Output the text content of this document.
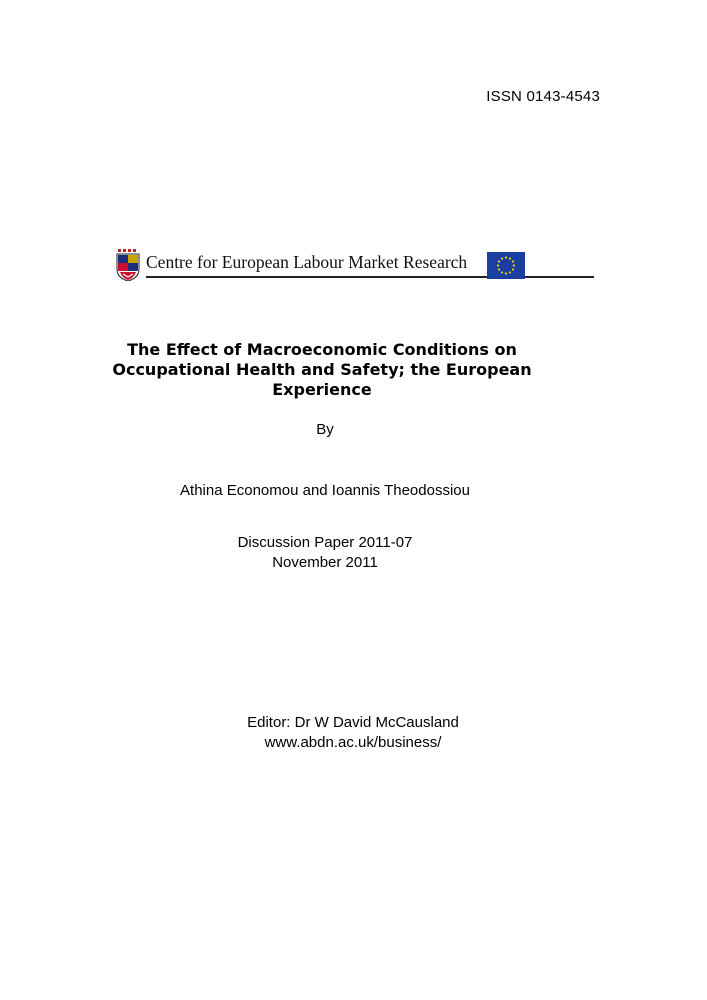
ISSN 0143-4543
Centre for European Labour Market Research
The Effect of Macroeconomic Conditions on
Occupational Health and Safety; the European
Experience
By
Athina Economou and Ioannis Theodossiou
Discussion Paper 2011-07
November 2011
Editor: Dr W David McCausland
www.abdn.ac.uk/business/
